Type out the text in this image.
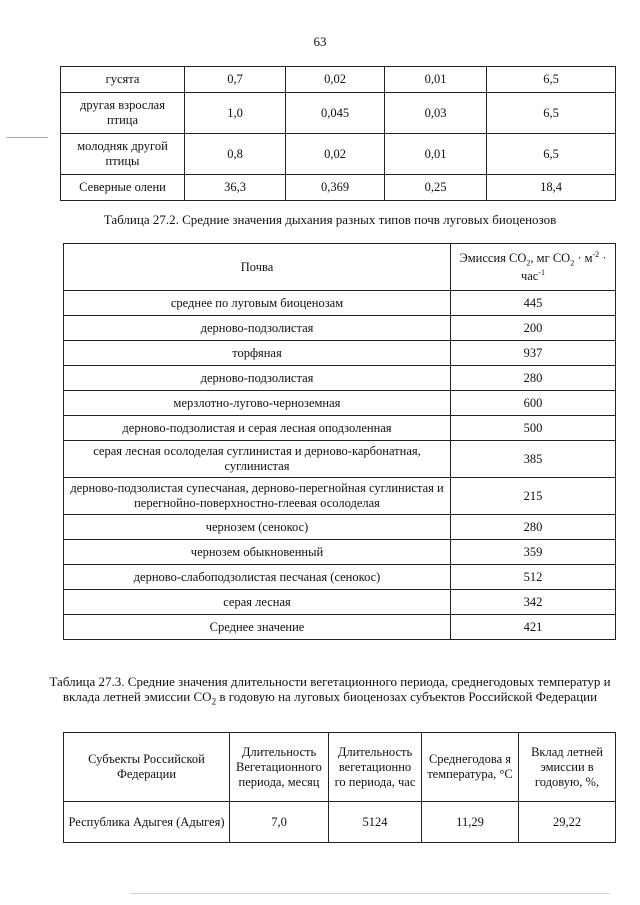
63
гусята	0,7	0,02	0,01	6,5
другая взрослая птица	1,0	0,045	0,03	6,5
молодняк другой птицы	0,8	0,02	0,01	6,5
Северные олени	36,3	0,369	0,25	18,4
Таблица 27.2. Средние значения дыхания разных типов почв луговых биоценозов
Почва	Эмиссия $CO_2$, мг $CO_2 \cdot м^{-2} \cdot час^{-1}$
среднее по луговым биоценозам	445
дерново-подзолистая	200
торфяная	937
дерново-подзолистая	280
мерзлотно-лугово-черноземная	600
дерново-подзолистая и серая лесная оподзоленная	500
серая лесная осолоделая суглинистая и дерново-карбонатная, суглинистая	385
дерново-подзолистая супесчаная, дерново-перегнойная суглинистая и перегнойно-поверхностно-глеевая осолоделая	215
чернозем (сенокос)	280
чернозем обыкновенный	359
дерново-слабоподзолистая песчаная (сенокос)	512
серая лесная	342
Среднее значение	421
Таблица 27.3. Средние значения длительности вегетационного периода, среднегодовых температур и вклада летней эмиссии $CO_2$ в годовую на луговых биоценозах субъектов Российской Федерации
Субъекты Российской Федерации	Длительность Вегетационного периода, месяц	Длительность вегетационно го периода, час	Среднегодова я температура, °С	Вклад летней эмиссии в годовую, %,
Республика Адыгея (Адыгея)	7,0	5124	11,29	29,22
